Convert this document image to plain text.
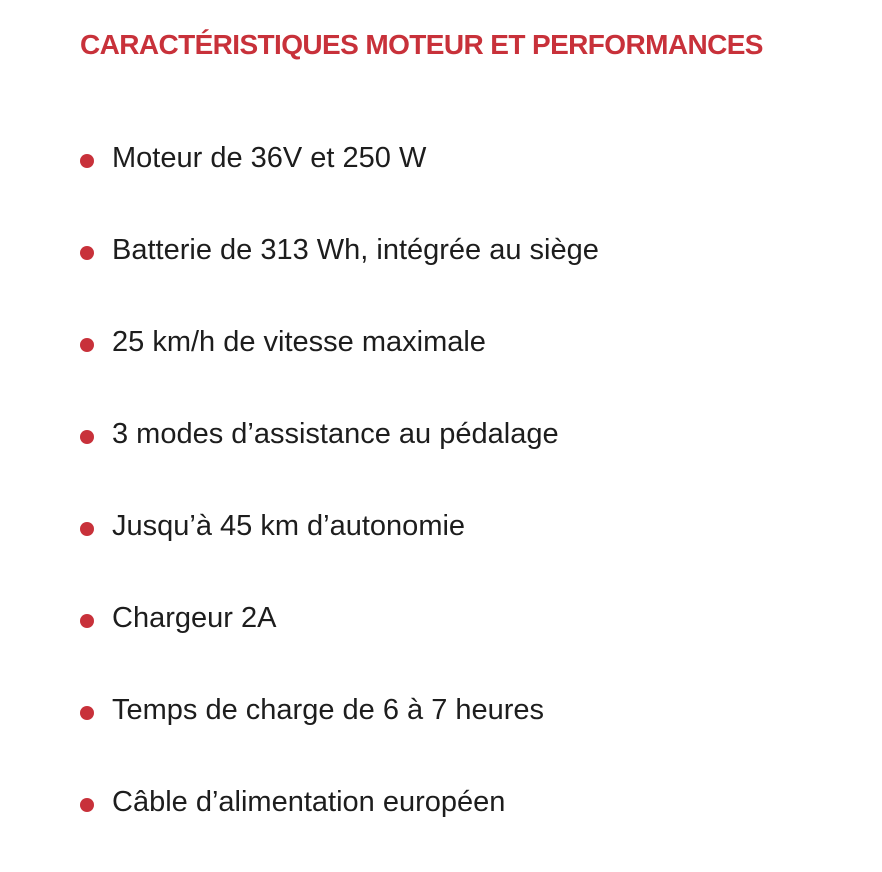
CARACTÉRISTIQUES MOTEUR ET PERFORMANCES
Moteur de 36V et 250 W
Batterie de 313 Wh, intégrée au siège
25 km/h de vitesse maximale
3 modes d’assistance au pédalage
Jusqu’à 45 km d’autonomie
Chargeur 2A
Temps de charge de 6 à 7 heures
Câble d’alimentation européen
